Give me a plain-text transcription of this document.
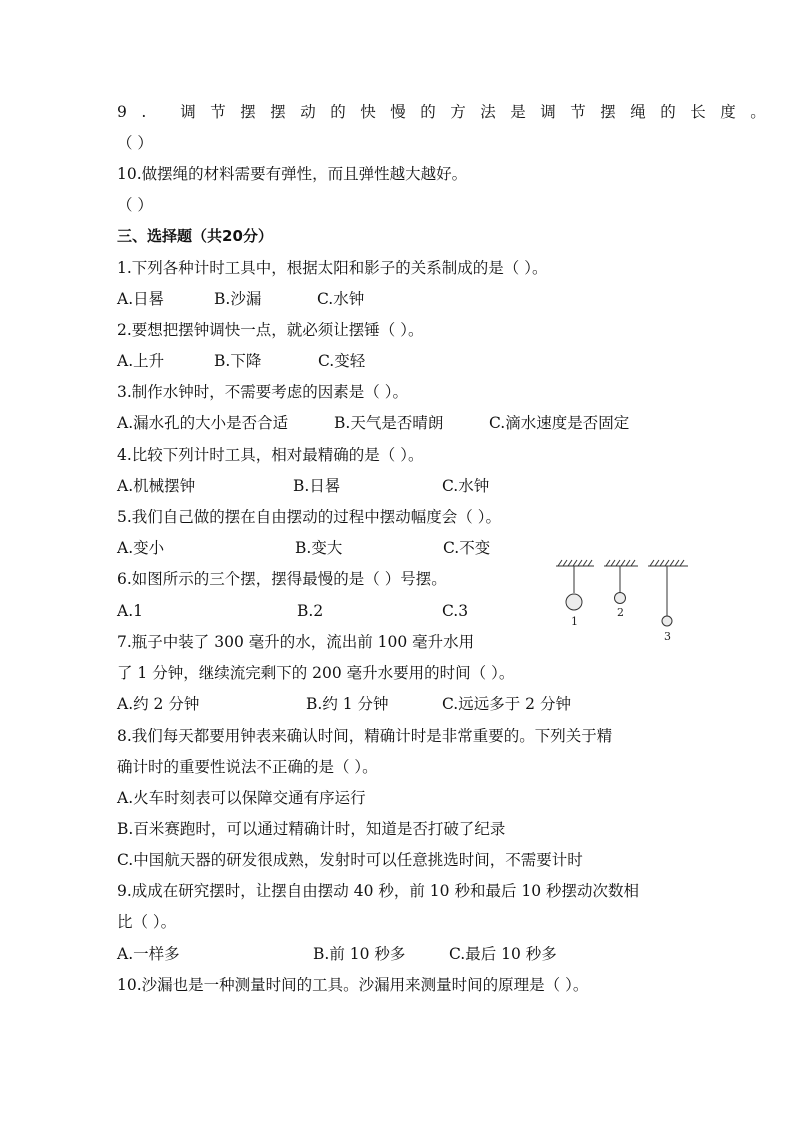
9. 调节摆摆动的快慢的方法是调节摆绳的长度。
（ ）
10.做摆绳的材料需要有弹性，而且弹性越大越好。
（ ）
三、选择题（共20分）
1.下列各种计时工具中，根据太阳和影子的关系制成的是（ ）。
A.日晷	B.沙漏	C.水钟
2.要想把摆钟调快一点，就必须让摆锤（ ）。
A.上升	B.下降	C.变轻
3.制作水钟时，不需要考虑的因素是（ ）。
A.漏水孔的大小是否合适	B.天气是否晴朗	C.滴水速度是否固定
4.比较下列计时工具，相对最精确的是（ ）。
A.机械摆钟	B.日晷	C.水钟
5.我们自己做的摆在自由摆动的过程中摆动幅度会（ ）。
A.变小	B.变大	C.不变
6.如图所示的三个摆，摆得最慢的是（ ）号摆。
A.1	B.2	C.3
1
2
3
7.瓶子中装了 300 毫升的水，流出前 100 毫升水用
了 1 分钟，继续流完剩下的 200 毫升水要用的时间（ ）。
A.约 2 分钟	B.约 1 分钟	C.远远多于 2 分钟
8.我们每天都要用钟表来确认时间，精确计时是非常重要的。下列关于精
确计时的重要性说法不正确的是（ ）。
A.火车时刻表可以保障交通有序运行
B.百米赛跑时，可以通过精确计时，知道是否打破了纪录
C.中国航天器的研发很成熟，发射时可以任意挑选时间，不需要计时
9.成成在研究摆时，让摆自由摆动 40 秒，前 10 秒和最后 10 秒摆动次数相
比（ ）。
A.一样多	B.前 10 秒多	C.最后 10 秒多
10.沙漏也是一种测量时间的工具。沙漏用来测量时间的原理是（ ）。
